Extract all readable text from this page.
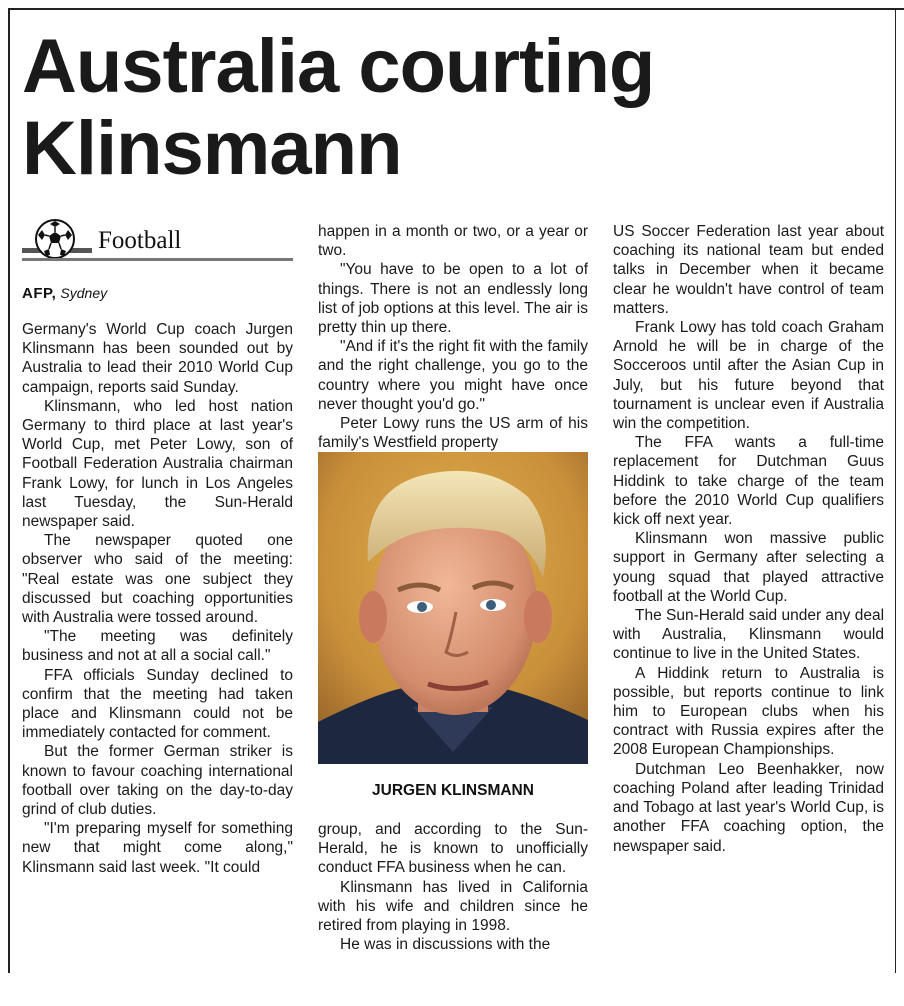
Australia courting Klinsmann
Football
AFP, Sydney

Germany's World Cup coach Jurgen Klinsmann has been sounded out by Australia to lead their 2010 World Cup campaign, reports said Sunday.

Klinsmann, who led host nation Germany to third place at last year's World Cup, met Peter Lowy, son of Football Federation Australia chairman Frank Lowy, for lunch in Los Angeles last Tuesday, the Sun-Herald newspaper said.

The newspaper quoted one observer who said of the meeting: "Real estate was one subject they discussed but coaching opportunities with Australia were tossed around.

"The meeting was definitely business and not at all a social call."

FFA officials Sunday declined to confirm that the meeting had taken place and Klinsmann could not be immediately contacted for comment.

But the former German striker is known to favour coaching international football over taking on the day-to-day grind of club duties.

"I'm preparing myself for something new that might come along," Klinsmann said last week. "It could

happen in a month or two, or a year or two.

"You have to be open to a lot of things. There is not an endlessly long list of job options at this level. The air is pretty thin up there.

"And if it's the right fit with the family and the right challenge, you go to the country where you might have once never thought you'd go."

Peter Lowy runs the US arm of his family's Westfield property

JURGEN KLINSMANN

group, and according to the Sun-Herald, he is known to unofficially conduct FFA business when he can.

Klinsmann has lived in California with his wife and children since he retired from playing in 1998.

He was in discussions with the

US Soccer Federation last year about coaching its national team but ended talks in December when it became clear he wouldn't have control of team matters.

Frank Lowy has told coach Graham Arnold he will be in charge of the Socceroos until after the Asian Cup in July, but his future beyond that tournament is unclear even if Australia win the competition.

The FFA wants a full-time replacement for Dutchman Guus Hiddink to take charge of the team before the 2010 World Cup qualifiers kick off next year.

Klinsmann won massive public support in Germany after selecting a young squad that played attractive football at the World Cup.

The Sun-Herald said under any deal with Australia, Klinsmann would continue to live in the United States.

A Hiddink return to Australia is possible, but reports continue to link him to European clubs when his contract with Russia expires after the 2008 European Championships.

Dutchman Leo Beenhakker, now coaching Poland after leading Trinidad and Tobago at last year's World Cup, is another FFA coaching option, the newspaper said.
